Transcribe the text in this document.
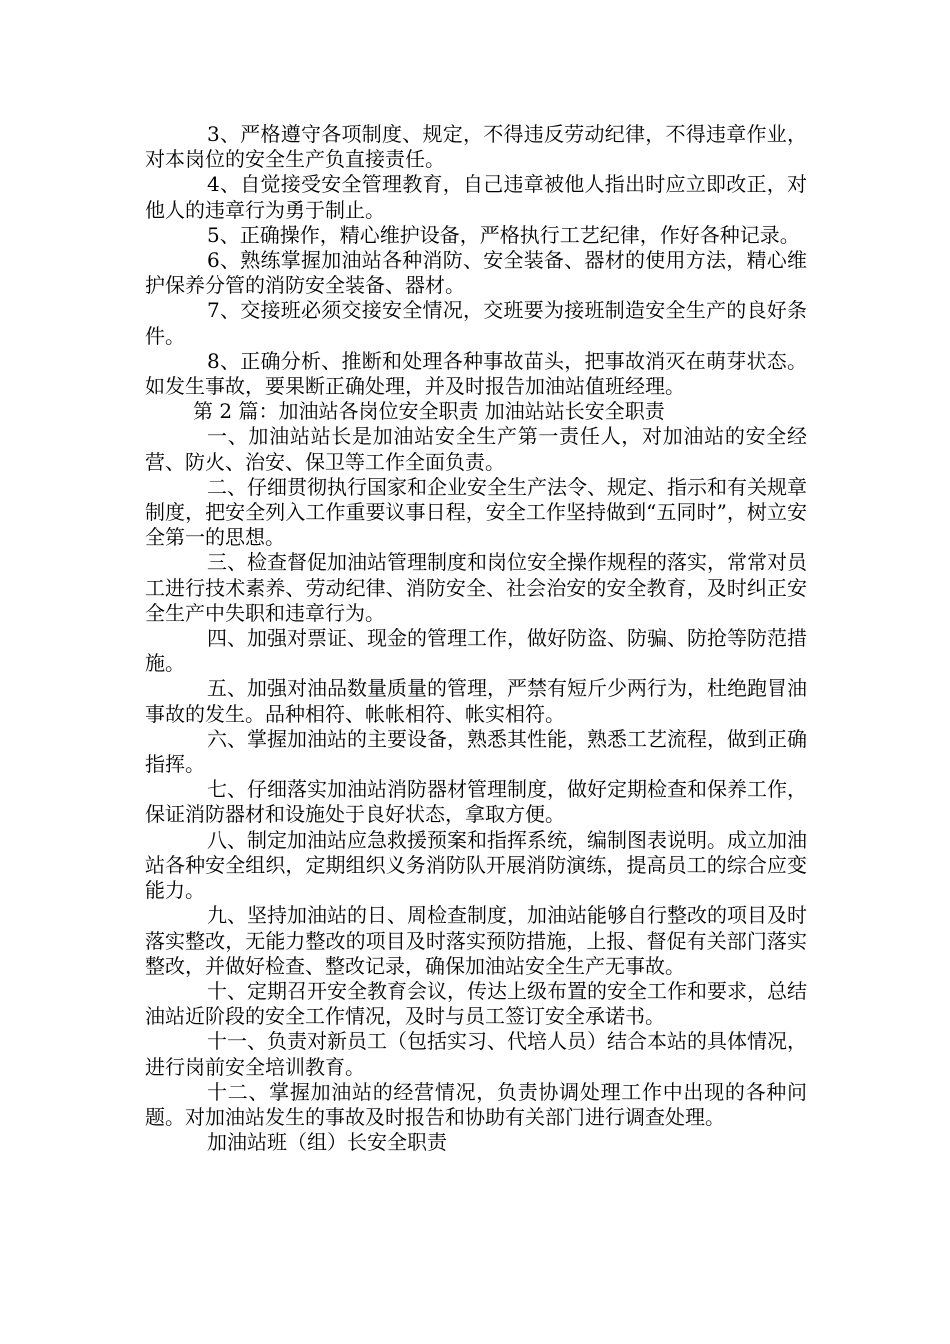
3、严格遵守各项制度、规定，不得违反劳动纪律，不得违章作业，对本岗位的安全生产负直接责任。

4、自觉接受安全管理教育，自己违章被他人指出时应立即改正，对他人的违章行为勇于制止。

5、正确操作，精心维护设备，严格执行工艺纪律，作好各种记录。

6、熟练掌握加油站各种消防、安全装备、器材的使用方法，精心维护保养分管的消防安全装备、器材。

7、交接班必须交接安全情况，交班要为接班制造安全生产的良好条件。

8、正确分析、推断和处理各种事故苗头，把事故消灭在萌芽状态。如发生事故，要果断正确处理，并及时报告加油站值班经理。

第 2 篇：加油站各岗位安全职责 加油站站长安全职责

一、加油站站长是加油站安全生产第一责任人，对加油站的安全经营、防火、治安、保卫等工作全面负责。

二、仔细贯彻执行国家和企业安全生产法令、规定、指示和有关规章制度，把安全列入工作重要议事日程，安全工作坚持做到“五同时”，树立安全第一的思想。

三、检查督促加油站管理制度和岗位安全操作规程的落实，常常对员工进行技术素养、劳动纪律、消防安全、社会治安的安全教育，及时纠正安全生产中失职和违章行为。

四、加强对票证、现金的管理工作，做好防盗、防骗、防抢等防范措施。

五、加强对油品数量质量的管理，严禁有短斤少两行为，杜绝跑冒油事故的发生。品种相符、帐帐相符、帐实相符。

六、掌握加油站的主要设备，熟悉其性能，熟悉工艺流程，做到正确指挥。

七、仔细落实加油站消防器材管理制度，做好定期检查和保养工作，保证消防器材和设施处于良好状态，拿取方便。

八、制定加油站应急救援预案和指挥系统，编制图表说明。成立加油站各种安全组织，定期组织义务消防队开展消防演练，提高员工的综合应变能力。

九、坚持加油站的日、周检查制度，加油站能够自行整改的项目及时落实整改，无能力整改的项目及时落实预防措施，上报、督促有关部门落实整改，并做好检查、整改记录，确保加油站安全生产无事故。

十、定期召开安全教育会议，传达上级布置的安全工作和要求，总结油站近阶段的安全工作情况，及时与员工签订安全承诺书。

十一、负责对新员工（包括实习、代培人员）结合本站的具体情况，进行岗前安全培训教育。

十二、掌握加油站的经营情况，负责协调处理工作中出现的各种问题。对加油站发生的事故及时报告和协助有关部门进行调查处理。

加油站班（组）长安全职责
